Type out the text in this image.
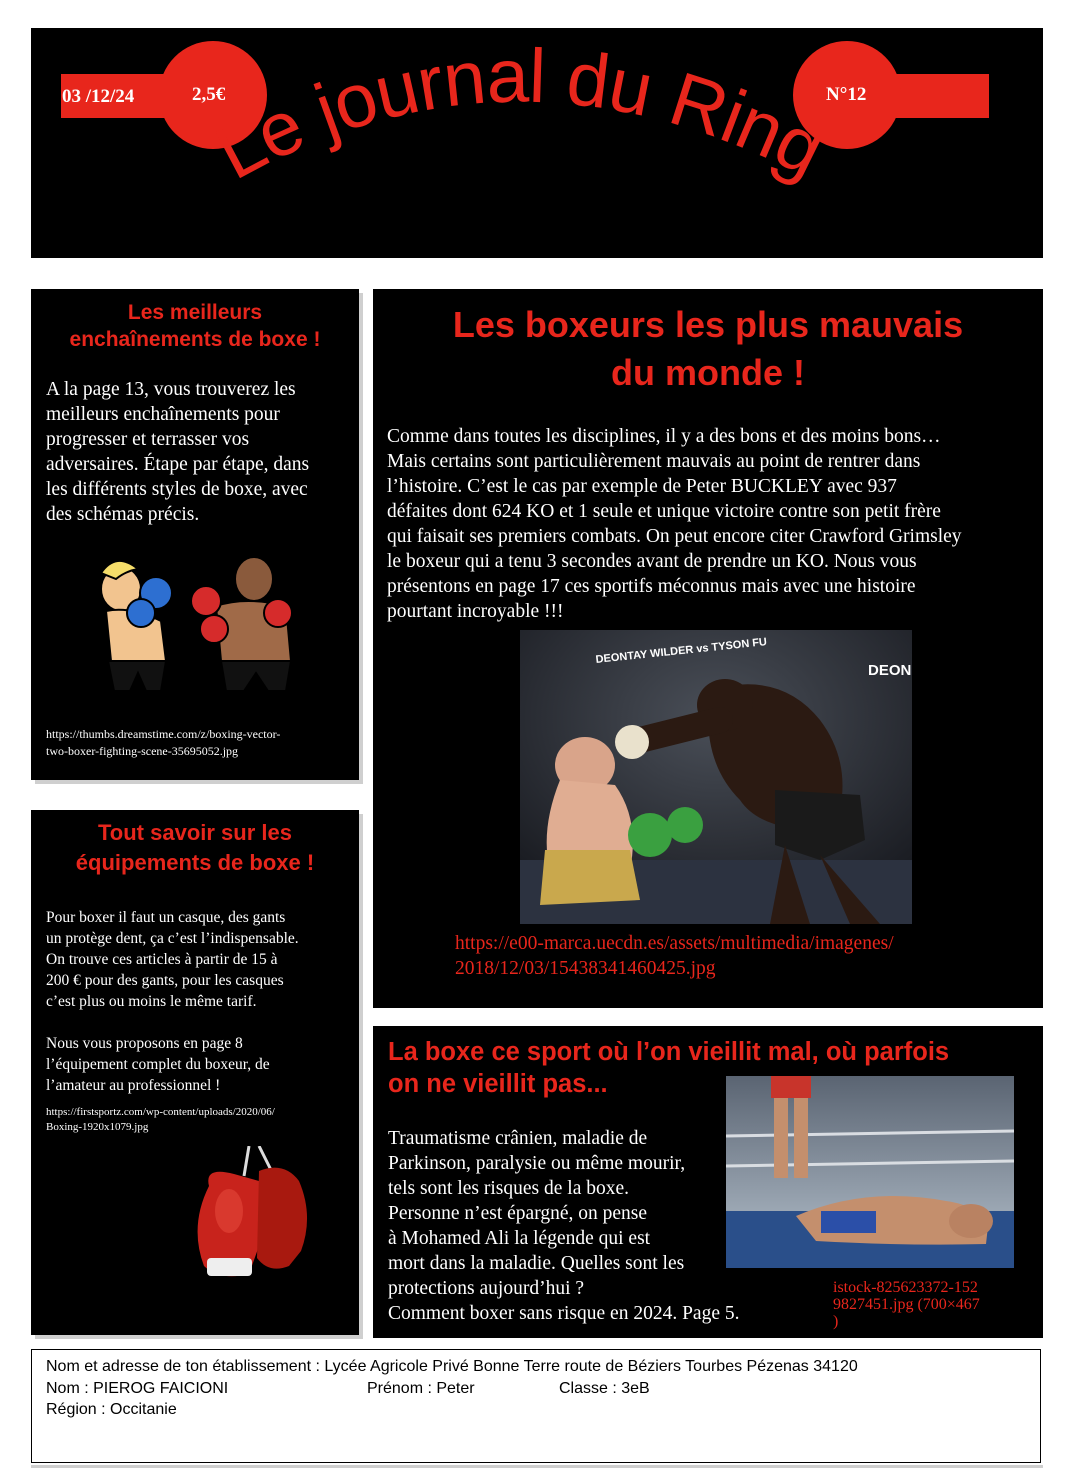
03 /12/24	2,5€	N°12
Le journal du Ring
Les meilleurs
enchaînements de boxe !
A la page 13, vous trouverez les
meilleurs enchaînements pour
progresser et terrasser vos
adversaires. Étape par étape, dans
les différents styles de boxe, avec
des schémas précis.
https://thumbs.dreamstime.com/z/boxing-vector-
two-boxer-fighting-scene-35695052.jpg
Tout savoir sur les
équipements de boxe !
Pour boxer il faut un casque, des gants
un protège dent, ça c’est l’indispensable.
On trouve ces articles à partir de 15 à
200 € pour des gants, pour les casques
c’est plus ou moins le même tarif.
Nous vous proposons en page 8
l’équipement complet du boxeur, de
l’amateur au professionnel !
https://firstsportz.com/wp-content/uploads/2020/06/
Boxing-1920x1079.jpg
Les boxeurs les plus mauvais
du monde !
Comme dans toutes les disciplines, il y a des bons et des moins bons…
Mais certains sont particulièrement mauvais au point de rentrer dans
l’histoire. C’est le cas par exemple de Peter BUCKLEY avec 937
défaites dont 624 KO et 1 seule et unique victoire contre son petit frère
qui faisait ses premiers combats. On peut encore citer Crawford Grimsley
le boxeur qui a tenu 3 secondes avant de prendre un KO. Nous vous
présentons en page 17 ces sportifs méconnus mais avec une histoire
pourtant incroyable !!!
DEONTAY WILDER vs TYSON FU
DEON
https://e00-marca.uecdn.es/assets/multimedia/imagenes/
2018/12/03/15438341460425.jpg
La boxe ce sport où l’on vieillit mal, où parfois
on ne vieillit pas...
Traumatisme crânien, maladie de
Parkinson, paralysie ou même mourir,
tels sont les risques de la boxe.
Personne n’est épargné, on pense
à Mohamed Ali la légende qui est
mort dans la maladie. Quelles sont les
protections aujourd’hui ?
Comment boxer sans risque en 2024. Page 5.
istock-825623372-152
9827451.jpg (700×467
)
Nom et adresse de ton établissement : Lycée Agricole Privé Bonne Terre route de Béziers Tourbes Pézenas 34120
Nom : PIEROG FAICIONI	Prénom : Peter	Classe : 3eB
Région : Occitanie
